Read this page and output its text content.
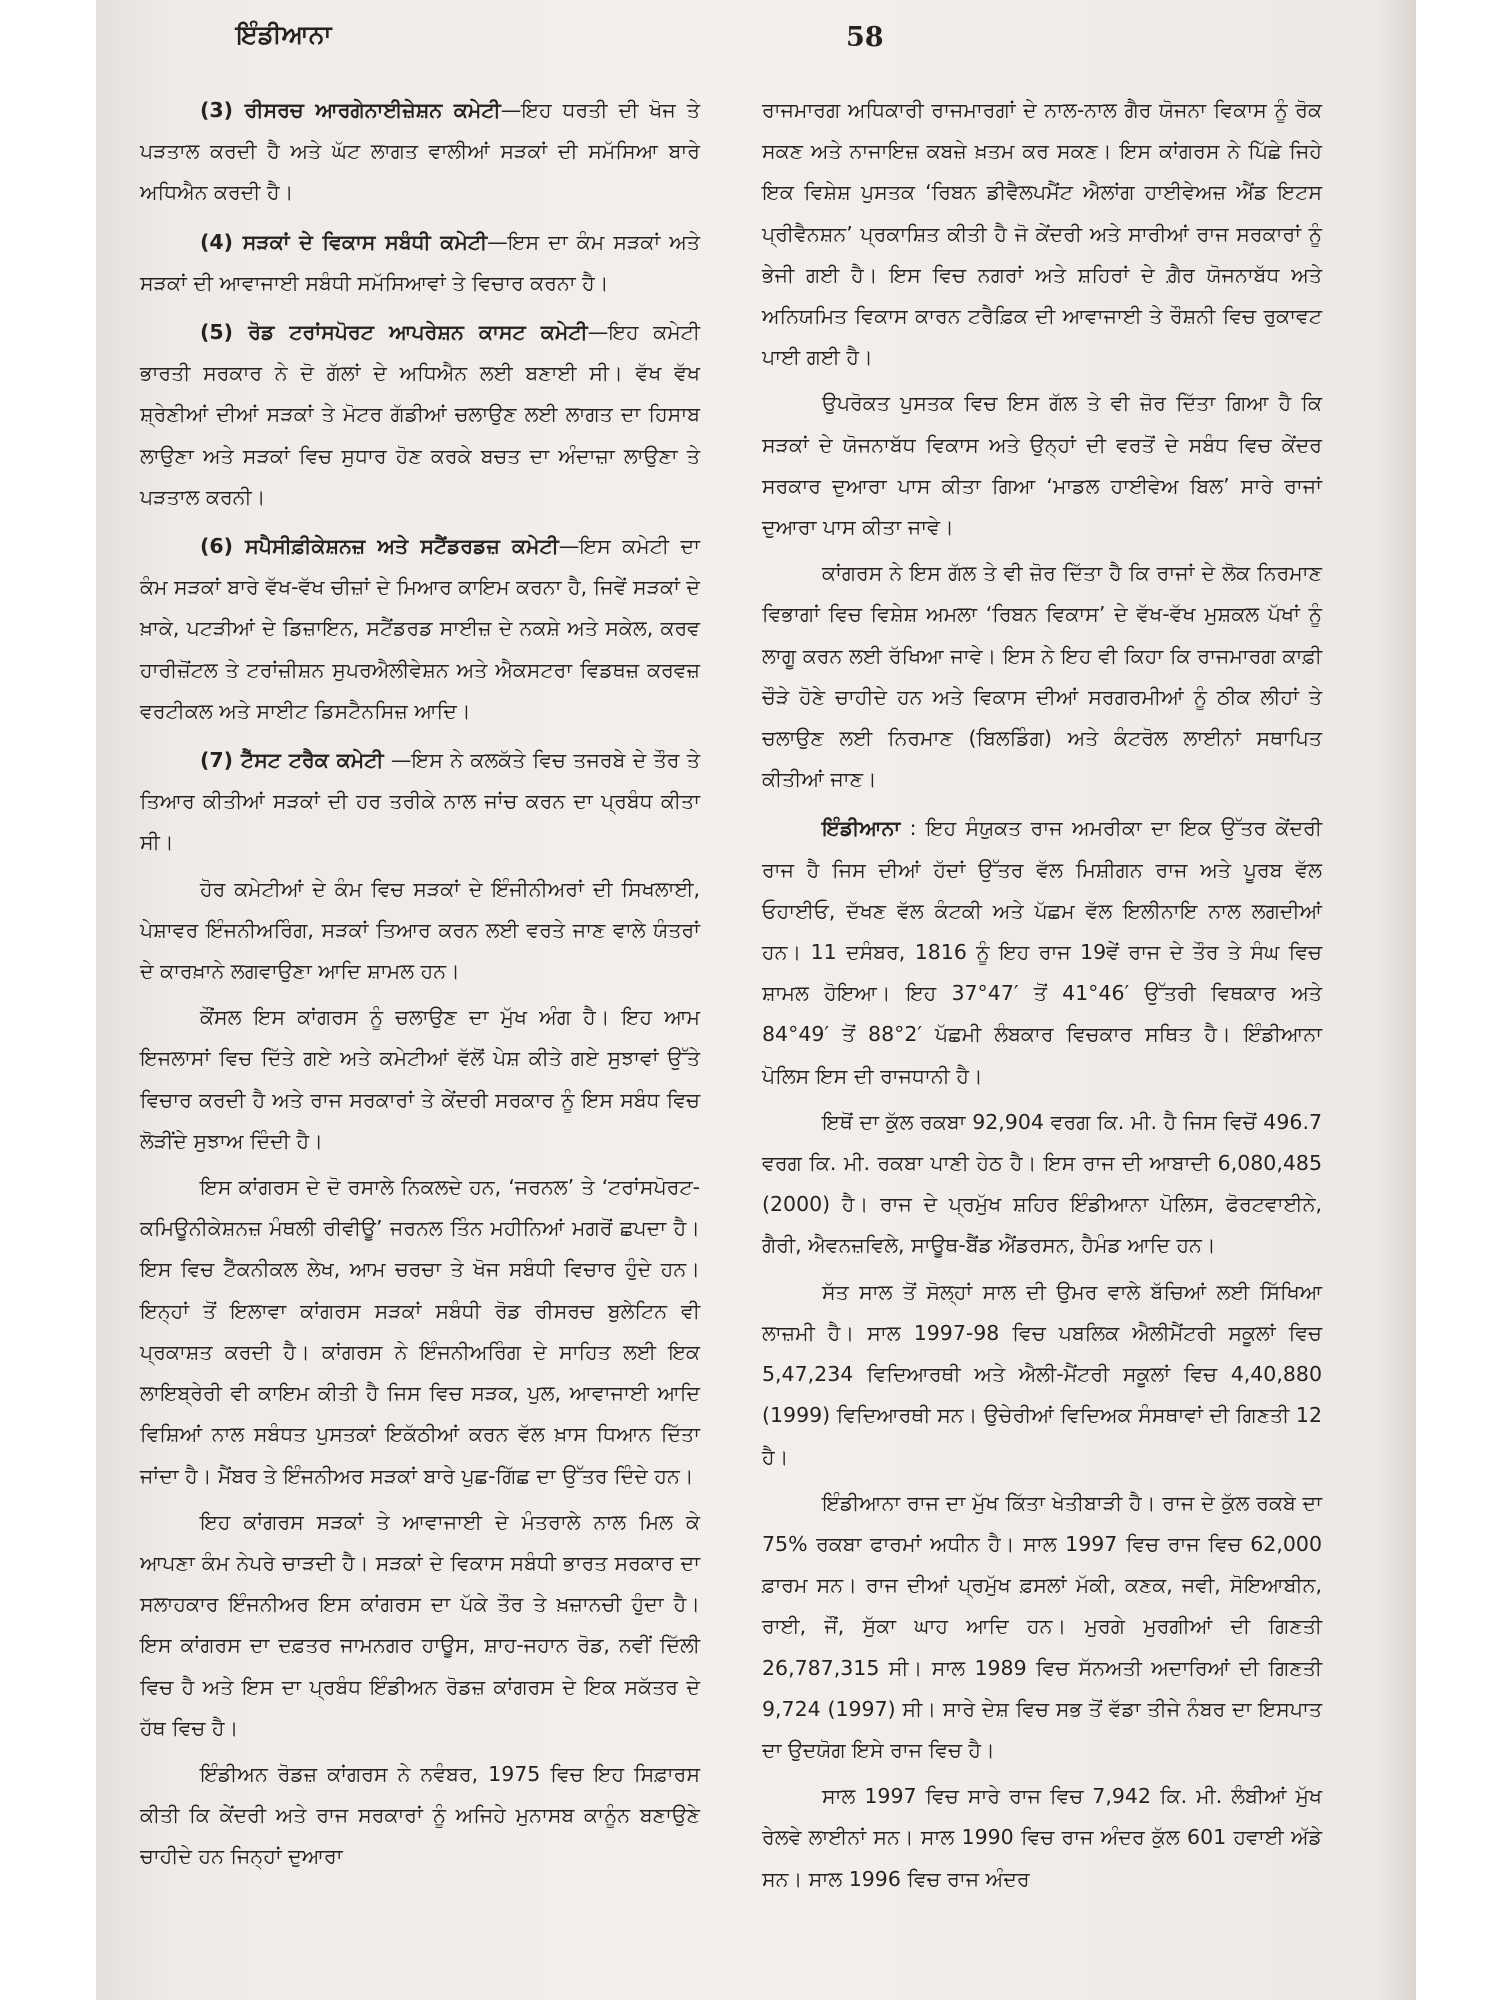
ਇੰਡੀਆਨਾ	58

(3) ਰੀਸਰਚ ਆਰਗੇਨਾਈਜ਼ੇਸ਼ਨ ਕਮੇਟੀ—ਇਹ ਧਰਤੀ ਦੀ ਖੋਜ ਤੇ ਪੜਤਾਲ ਕਰਦੀ ਹੈ ਅਤੇ ਘੱਟ ਲਾਗਤ ਵਾਲੀਆਂ ਸੜਕਾਂ ਦੀ ਸਮੱਸਿਆ ਬਾਰੇ ਅਧਿਐਨ ਕਰਦੀ ਹੈ।

(4) ਸੜਕਾਂ ਦੇ ਵਿਕਾਸ ਸਬੰਧੀ ਕਮੇਟੀ—ਇਸ ਦਾ ਕੰਮ ਸੜਕਾਂ ਅਤੇ ਸੜਕਾਂ ਦੀ ਆਵਾਜਾਈ ਸਬੰਧੀ ਸਮੱਸਿਆਵਾਂ ਤੇ ਵਿਚਾਰ ਕਰਨਾ ਹੈ।

(5) ਰੋਡ ਟਰਾਂਸਪੋਰਟ ਆਪਰੇਸ਼ਨ ਕਾਸਟ ਕਮੇਟੀ—ਇਹ ਕਮੇਟੀ ਭਾਰਤੀ ਸਰਕਾਰ ਨੇ ਦੋ ਗੱਲਾਂ ਦੇ ਅਧਿਐਨ ਲਈ ਬਣਾਈ ਸੀ। ਵੱਖ ਵੱਖ ਸ਼੍ਰੇਣੀਆਂ ਦੀਆਂ ਸੜਕਾਂ ਤੇ ਮੋਟਰ ਗੱਡੀਆਂ ਚਲਾਉਣ ਲਈ ਲਾਗਤ ਦਾ ਹਿਸਾਬ ਲਾਉਣਾ ਅਤੇ ਸੜਕਾਂ ਵਿਚ ਸੁਧਾਰ ਹੋਣ ਕਰਕੇ ਬਚਤ ਦਾ ਅੰਦਾਜ਼ਾ ਲਾਉਣਾ ਤੇ ਪੜਤਾਲ ਕਰਨੀ।

(6) ਸਪੈਸੀਫ਼ੀਕੇਸ਼ਨਜ਼ ਅਤੇ ਸਟੈਂਡਰਡਜ਼ ਕਮੇਟੀ—ਇਸ ਕਮੇਟੀ ਦਾ ਕੰਮ ਸੜਕਾਂ ਬਾਰੇ ਵੱਖ-ਵੱਖ ਚੀਜ਼ਾਂ ਦੇ ਮਿਆਰ ਕਾਇਮ ਕਰਨਾ ਹੈ, ਜਿਵੇਂ ਸੜਕਾਂ ਦੇ ਖ਼ਾਕੇ, ਪਟੜੀਆਂ ਦੇ ਡਿਜ਼ਾਇਨ, ਸਟੈਂਡਰਡ ਸਾਈਜ਼ ਦੇ ਨਕਸ਼ੇ ਅਤੇ ਸਕੇਲ, ਕਰਵ ਹਾਰੀਜ਼ੋਂਟਲ ਤੇ ਟਰਾਂਜ਼ੀਸ਼ਨ ਸੁਪਰਐਲੀਵੇਸ਼ਨ ਅਤੇ ਐਕਸਟਰਾ ਵਿਡਥਜ਼ ਕਰਵਜ਼ ਵਰਟੀਕਲ ਅਤੇ ਸਾਈਟ ਡਿਸਟੈਨਸਿਜ਼ ਆਦਿ।

(7) ਟੈੱਸਟ ਟਰੈਕ ਕਮੇਟੀ —ਇਸ ਨੇ ਕਲਕੱਤੇ ਵਿਚ ਤਜਰਬੇ ਦੇ ਤੌਰ ਤੇ ਤਿਆਰ ਕੀਤੀਆਂ ਸੜਕਾਂ ਦੀ ਹਰ ਤਰੀਕੇ ਨਾਲ ਜਾਂਚ ਕਰਨ ਦਾ ਪ੍ਰਬੰਧ ਕੀਤਾ ਸੀ।

ਹੋਰ ਕਮੇਟੀਆਂ ਦੇ ਕੰਮ ਵਿਚ ਸੜਕਾਂ ਦੇ ਇੰਜੀਨੀਅਰਾਂ ਦੀ ਸਿਖਲਾਈ, ਪੇਸ਼ਾਵਰ ਇੰਜਨੀਅਰਿੰਗ, ਸੜਕਾਂ ਤਿਆਰ ਕਰਨ ਲਈ ਵਰਤੇ ਜਾਣ ਵਾਲੇ ਯੰਤਰਾਂ ਦੇ ਕਾਰਖ਼ਾਨੇ ਲਗਵਾਉਣਾ ਆਦਿ ਸ਼ਾਮਲ ਹਨ।

ਕੌਂਸਲ ਇਸ ਕਾਂਗਰਸ ਨੂੰ ਚਲਾਉਣ ਦਾ ਮੁੱਖ ਅੰਗ ਹੈ। ਇਹ ਆਮ ਇਜਲਾਸਾਂ ਵਿਚ ਦਿੱਤੇ ਗਏ ਅਤੇ ਕਮੇਟੀਆਂ ਵੱਲੋਂ ਪੇਸ਼ ਕੀਤੇ ਗਏ ਸੁਝਾਵਾਂ ਉੱਤੇ ਵਿਚਾਰ ਕਰਦੀ ਹੈ ਅਤੇ ਰਾਜ ਸਰਕਾਰਾਂ ਤੇ ਕੇਂਦਰੀ ਸਰਕਾਰ ਨੂੰ ਇਸ ਸਬੰਧ ਵਿਚ ਲੋੜੀਂਦੇ ਸੁਝਾਅ ਦਿੰਦੀ ਹੈ।

ਇਸ ਕਾਂਗਰਸ ਦੇ ਦੋ ਰਸਾਲੇ ਨਿਕਲਦੇ ਹਨ, ‘ਜਰਨਲ’ ਤੇ ‘ਟਰਾਂਸਪੋਰਟ-ਕਮਿਊਨੀਕੇਸ਼ਨਜ਼ ਮੰਥਲੀ ਰੀਵੀਊ’ ਜਰਨਲ ਤਿੰਨ ਮਹੀਨਿਆਂ ਮਗਰੋਂ ਛਪਦਾ ਹੈ। ਇਸ ਵਿਚ ਟੈੱਕਨੀਕਲ ਲੇਖ, ਆਮ ਚਰਚਾ ਤੇ ਖੋਜ ਸਬੰਧੀ ਵਿਚਾਰ ਹੁੰਦੇ ਹਨ। ਇਨ੍ਹਾਂ ਤੋਂ ਇਲਾਵਾ ਕਾਂਗਰਸ ਸੜਕਾਂ ਸਬੰਧੀ ਰੋਡ ਰੀਸਰਚ ਬੁਲੇਟਿਨ ਵੀ ਪ੍ਰਕਾਸ਼ਤ ਕਰਦੀ ਹੈ। ਕਾਂਗਰਸ ਨੇ ਇੰਜਨੀਅਰਿੰਗ ਦੇ ਸਾਹਿਤ ਲਈ ਇਕ ਲਾਇਬ੍ਰੇਰੀ ਵੀ ਕਾਇਮ ਕੀਤੀ ਹੈ ਜਿਸ ਵਿਚ ਸੜਕ, ਪੁਲ, ਆਵਾਜਾਈ ਆਦਿ ਵਿਸ਼ਿਆਂ ਨਾਲ ਸਬੰਧਤ ਪੁਸਤਕਾਂ ਇਕੱਠੀਆਂ ਕਰਨ ਵੱਲ ਖ਼ਾਸ ਧਿਆਨ ਦਿੱਤਾ ਜਾਂਦਾ ਹੈ। ਮੈਂਬਰ ਤੇ ਇੰਜਨੀਅਰ ਸੜਕਾਂ ਬਾਰੇ ਪੁਛ-ਗਿੱਛ ਦਾ ਉੱਤਰ ਦਿੰਦੇ ਹਨ।

ਇਹ ਕਾਂਗਰਸ ਸੜਕਾਂ ਤੇ ਆਵਾਜਾਈ ਦੇ ਮੰਤਰਾਲੇ ਨਾਲ ਮਿਲ ਕੇ ਆਪਣਾ ਕੰਮ ਨੇਪਰੇ ਚਾੜਦੀ ਹੈ। ਸੜਕਾਂ ਦੇ ਵਿਕਾਸ ਸਬੰਧੀ ਭਾਰਤ ਸਰਕਾਰ ਦਾ ਸਲਾਹਕਾਰ ਇੰਜਨੀਅਰ ਇਸ ਕਾਂਗਰਸ ਦਾ ਪੱਕੇ ਤੌਰ ਤੇ ਖ਼ਜ਼ਾਨਚੀ ਹੁੰਦਾ ਹੈ। ਇਸ ਕਾਂਗਰਸ ਦਾ ਦਫ਼ਤਰ ਜਾਮਨਗਰ ਹਾਊਸ, ਸ਼ਾਹ-ਜਹਾਨ ਰੋਡ, ਨਵੀਂ ਦਿੱਲੀ ਵਿਚ ਹੈ ਅਤੇ ਇਸ ਦਾ ਪ੍ਰਬੰਧ ਇੰਡੀਅਨ ਰੋਡਜ਼ ਕਾਂਗਰਸ ਦੇ ਇਕ ਸਕੱਤਰ ਦੇ ਹੱਥ ਵਿਚ ਹੈ।

ਇੰਡੀਅਨ ਰੋਡਜ਼ ਕਾਂਗਰਸ ਨੇ ਨਵੰਬਰ, 1975 ਵਿਚ ਇਹ ਸਿਫ਼ਾਰਸ ਕੀਤੀ ਕਿ ਕੇਂਦਰੀ ਅਤੇ ਰਾਜ ਸਰਕਾਰਾਂ ਨੂੰ ਅਜਿਹੇ ਮੁਨਾਸਬ ਕਾਨੂੰਨ ਬਣਾਉਣੇ ਚਾਹੀਦੇ ਹਨ ਜਿਨ੍ਹਾਂ ਦੁਆਰਾ

ਰਾਜਮਾਰਗ ਅਧਿਕਾਰੀ ਰਾਜਮਾਰਗਾਂ ਦੇ ਨਾਲ-ਨਾਲ ਗੈਰ ਯੋਜਨਾ ਵਿਕਾਸ ਨੂੰ ਰੋਕ ਸਕਣ ਅਤੇ ਨਾਜਾਇਜ਼ ਕਬਜ਼ੇ ਖ਼ਤਮ ਕਰ ਸਕਣ। ਇਸ ਕਾਂਗਰਸ ਨੇ ਪਿੱਛੇ ਜਿਹੇ ਇਕ ਵਿਸ਼ੇਸ਼ ਪੁਸਤਕ ‘ਰਿਬਨ ਡੀਵੈਲਪਮੈਂਟ ਐਲਾਂਗ ਹਾਈਵੇਅਜ਼ ਐਂਡ ਇਟਸ ਪ੍ਰੀਵੈਨਸ਼ਨ’ ਪ੍ਰਕਾਸ਼ਿਤ ਕੀਤੀ ਹੈ ਜੋ ਕੇਂਦਰੀ ਅਤੇ ਸਾਰੀਆਂ ਰਾਜ ਸਰਕਾਰਾਂ ਨੂੰ ਭੇਜੀ ਗਈ ਹੈ। ਇਸ ਵਿਚ ਨਗਰਾਂ ਅਤੇ ਸ਼ਹਿਰਾਂ ਦੇ ਗ਼ੈਰ ਯੋਜਨਾਬੱਧ ਅਤੇ ਅਨਿਯਮਿਤ ਵਿਕਾਸ ਕਾਰਨ ਟਰੈਫ਼ਿਕ ਦੀ ਆਵਾਜਾਈ ਤੇ ਰੌਸ਼ਨੀ ਵਿਚ ਰੁਕਾਵਟ ਪਾਈ ਗਈ ਹੈ।

ਉਪਰੋਕਤ ਪੁਸਤਕ ਵਿਚ ਇਸ ਗੱਲ ਤੇ ਵੀ ਜ਼ੋਰ ਦਿੱਤਾ ਗਿਆ ਹੈ ਕਿ ਸੜਕਾਂ ਦੇ ਯੋਜਨਾਬੱਧ ਵਿਕਾਸ ਅਤੇ ਉਨ੍ਹਾਂ ਦੀ ਵਰਤੋਂ ਦੇ ਸਬੰਧ ਵਿਚ ਕੇਂਦਰ ਸਰਕਾਰ ਦੁਆਰਾ ਪਾਸ ਕੀਤਾ ਗਿਆ ‘ਮਾਡਲ ਹਾਈਵੇਅ ਬਿਲ’ ਸਾਰੇ ਰਾਜਾਂ ਦੁਆਰਾ ਪਾਸ ਕੀਤਾ ਜਾਵੇ।

ਕਾਂਗਰਸ ਨੇ ਇਸ ਗੱਲ ਤੇ ਵੀ ਜ਼ੋਰ ਦਿੱਤਾ ਹੈ ਕਿ ਰਾਜਾਂ ਦੇ ਲੋਕ ਨਿਰਮਾਣ ਵਿਭਾਗਾਂ ਵਿਚ ਵਿਸ਼ੇਸ਼ ਅਮਲਾ ‘ਰਿਬਨ ਵਿਕਾਸ’ ਦੇ ਵੱਖ-ਵੱਖ ਮੁਸ਼ਕਲ ਪੱਖਾਂ ਨੂੰ ਲਾਗੂ ਕਰਨ ਲਈ ਰੱਖਿਆ ਜਾਵੇ। ਇਸ ਨੇ ਇਹ ਵੀ ਕਿਹਾ ਕਿ ਰਾਜਮਾਰਗ ਕਾਫ਼ੀ ਚੌੜੇ ਹੋਣੇ ਚਾਹੀਦੇ ਹਨ ਅਤੇ ਵਿਕਾਸ ਦੀਆਂ ਸਰਗਰਮੀਆਂ ਨੂੰ ਠੀਕ ਲੀਹਾਂ ਤੇ ਚਲਾਉਣ ਲਈ ਨਿਰਮਾਣ (ਬਿਲਡਿੰਗ) ਅਤੇ ਕੰਟਰੋਲ ਲਾਈਨਾਂ ਸਥਾਪਿਤ ਕੀਤੀਆਂ ਜਾਣ।

ਇੰਡੀਆਨਾ : ਇਹ ਸੰਯੁਕਤ ਰਾਜ ਅਮਰੀਕਾ ਦਾ ਇਕ ਉੱਤਰ ਕੇਂਦਰੀ ਰਾਜ ਹੈ ਜਿਸ ਦੀਆਂ ਹੱਦਾਂ ਉੱਤਰ ਵੱਲ ਮਿਸ਼ੀਗਨ ਰਾਜ ਅਤੇ ਪੂਰਬ ਵੱਲ ਓਹਾਈਓ, ਦੱਖਣ ਵੱਲ ਕੰਟਕੀ ਅਤੇ ਪੱਛਮ ਵੱਲ ਇਲੀਨਾਇ ਨਾਲ ਲਗਦੀਆਂ ਹਨ। 11 ਦਸੰਬਰ, 1816 ਨੂੰ ਇਹ ਰਾਜ 19ਵੇਂ ਰਾਜ ਦੇ ਤੌਰ ਤੇ ਸੰਘ ਵਿਚ ਸ਼ਾਮਲ ਹੋਇਆ। ਇਹ 37°47′ ਤੋਂ 41°46′ ਉੱਤਰੀ ਵਿਥਕਾਰ ਅਤੇ 84°49′ ਤੋਂ 88°2′ ਪੱਛਮੀ ਲੰਬਕਾਰ ਵਿਚਕਾਰ ਸਥਿਤ ਹੈ। ਇੰਡੀਆਨਾ ਪੋਲਿਸ ਇਸ ਦੀ ਰਾਜਧਾਨੀ ਹੈ।

ਇਥੋਂ ਦਾ ਕੁੱਲ ਰਕਬਾ 92,904 ਵਰਗ ਕਿ. ਮੀ. ਹੈ ਜਿਸ ਵਿਚੋਂ 496.7 ਵਰਗ ਕਿ. ਮੀ. ਰਕਬਾ ਪਾਣੀ ਹੇਠ ਹੈ। ਇਸ ਰਾਜ ਦੀ ਆਬਾਦੀ 6,080,485 (2000) ਹੈ। ਰਾਜ ਦੇ ਪ੍ਰਮੁੱਖ ਸ਼ਹਿਰ ਇੰਡੀਆਨਾ ਪੋਲਿਸ, ਫੋਰਟਵਾਈਨੇ, ਗੈਰੀ, ਐਵਨਜ਼ਵਿਲੇ, ਸਾਊਥ-ਬੈਂਡ ਐਂਡਰਸਨ, ਹੈਮੰਡ ਆਦਿ ਹਨ।

ਸੱਤ ਸਾਲ ਤੋਂ ਸੋਲ੍ਹਾਂ ਸਾਲ ਦੀ ਉਮਰ ਵਾਲੇ ਬੱਚਿਆਂ ਲਈ ਸਿੱਖਿਆ ਲਾਜ਼ਮੀ ਹੈ। ਸਾਲ 1997-98 ਵਿਚ ਪਬਲਿਕ ਐਲੀਮੈਂਟਰੀ ਸਕੂਲਾਂ ਵਿਚ 5,47,234 ਵਿਦਿਆਰਥੀ ਅਤੇ ਐਲੀ-ਮੈਂਟਰੀ ਸਕੂਲਾਂ ਵਿਚ 4,40,880 (1999) ਵਿਦਿਆਰਥੀ ਸਨ। ਉਚੇਰੀਆਂ ਵਿਦਿਅਕ ਸੰਸਥਾਵਾਂ ਦੀ ਗਿਣਤੀ 12 ਹੈ।

ਇੰਡੀਆਨਾ ਰਾਜ ਦਾ ਮੁੱਖ ਕਿੱਤਾ ਖੇਤੀਬਾੜੀ ਹੈ। ਰਾਜ ਦੇ ਕੁੱਲ ਰਕਬੇ ਦਾ 75% ਰਕਬਾ ਫਾਰਮਾਂ ਅਧੀਨ ਹੈ। ਸਾਲ 1997 ਵਿਚ ਰਾਜ ਵਿਚ 62,000 ਫ਼ਾਰਮ ਸਨ। ਰਾਜ ਦੀਆਂ ਪ੍ਰਮੁੱਖ ਫ਼ਸਲਾਂ ਮੱਕੀ, ਕਣਕ, ਜਵੀ, ਸੋਇਆਬੀਨ, ਰਾਈ, ਜੌਂ, ਸੁੱਕਾ ਘਾਹ ਆਦਿ ਹਨ। ਮੁਰਗੇ ਮੁਰਗੀਆਂ ਦੀ ਗਿਣਤੀ 26,787,315 ਸੀ। ਸਾਲ 1989 ਵਿਚ ਸੱਨਅਤੀ ਅਦਾਰਿਆਂ ਦੀ ਗਿਣਤੀ 9,724 (1997) ਸੀ। ਸਾਰੇ ਦੇਸ਼ ਵਿਚ ਸਭ ਤੋਂ ਵੱਡਾ ਤੀਜੇ ਨੰਬਰ ਦਾ ਇਸਪਾਤ ਦਾ ਉਦਯੋਗ ਇਸੇ ਰਾਜ ਵਿਚ ਹੈ।

ਸਾਲ 1997 ਵਿਚ ਸਾਰੇ ਰਾਜ ਵਿਚ 7,942 ਕਿ. ਮੀ. ਲੰਬੀਆਂ ਮੁੱਖ ਰੇਲਵੇ ਲਾਈਨਾਂ ਸਨ। ਸਾਲ 1990 ਵਿਚ ਰਾਜ ਅੰਦਰ ਕੁੱਲ 601 ਹਵਾਈ ਅੱਡੇ ਸਨ। ਸਾਲ 1996 ਵਿਚ ਰਾਜ ਅੰਦਰ
